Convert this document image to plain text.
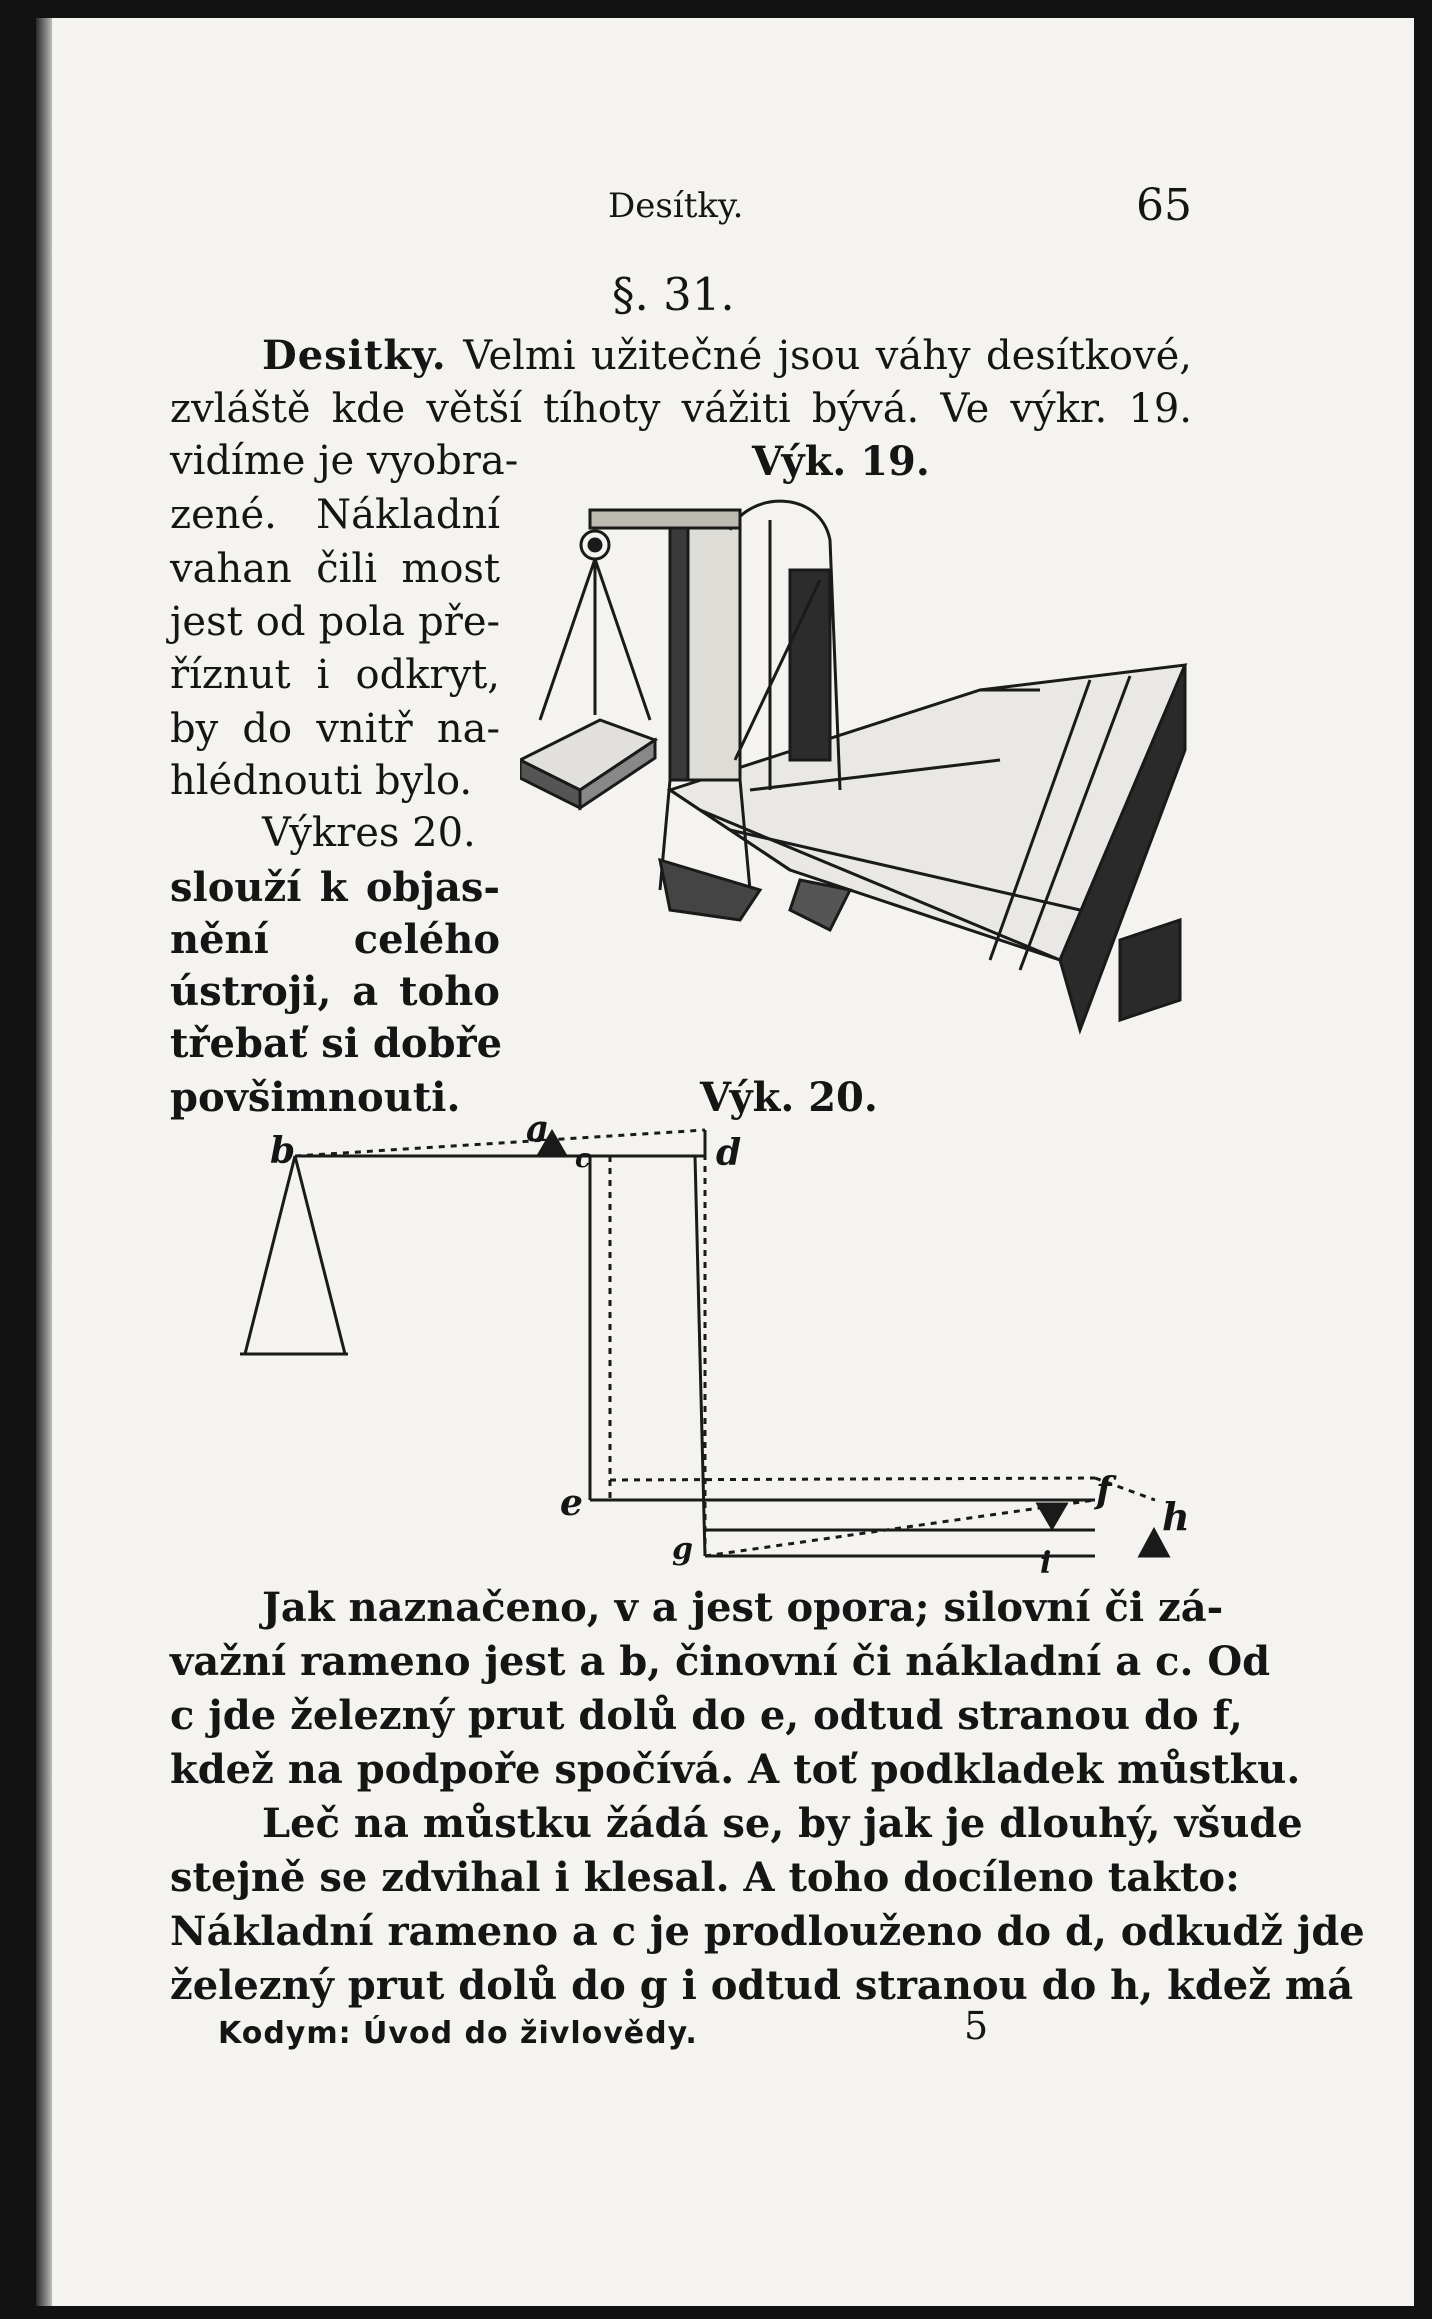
Desítky.	65
§. 31.
Desitky. Velmi užitečné jsou váhy desítkové,
zvláště kde větší tíhoty vážiti bývá. Ve výkr. 19.
Výk. 19.
vidíme je vyobra-
zené. Nákladní
vahan čili most
jest od pola pře-
říznut i odkryt,
by do vnitř na-
hlédnouti bylo.
Výkres 20.
slouží k objas-
nění celého
ústroji, a toho
třebať si dobře
povšimnouti.	Výk. 20.
a
b	d
c
e	f
h
g	i
Jak naznačeno, v a jest opora; silovní či zá-
važní rameno jest a b, činovní či nákladní a c. Od
c jde železný prut dolů do e, odtud stranou do f,
kdež na podpoře spočívá. A toť podkladek můstku.
Leč na můstku žádá se, by jak je dlouhý, všude
stejně se zdvihal i klesal. A toho docíleno takto:
Nákladní rameno a c je prodlouženo do d, odkudž jde
železný prut dolů do g i odtud stranou do h, kdež má
Kodym: Úvod do živlovědy.	5
